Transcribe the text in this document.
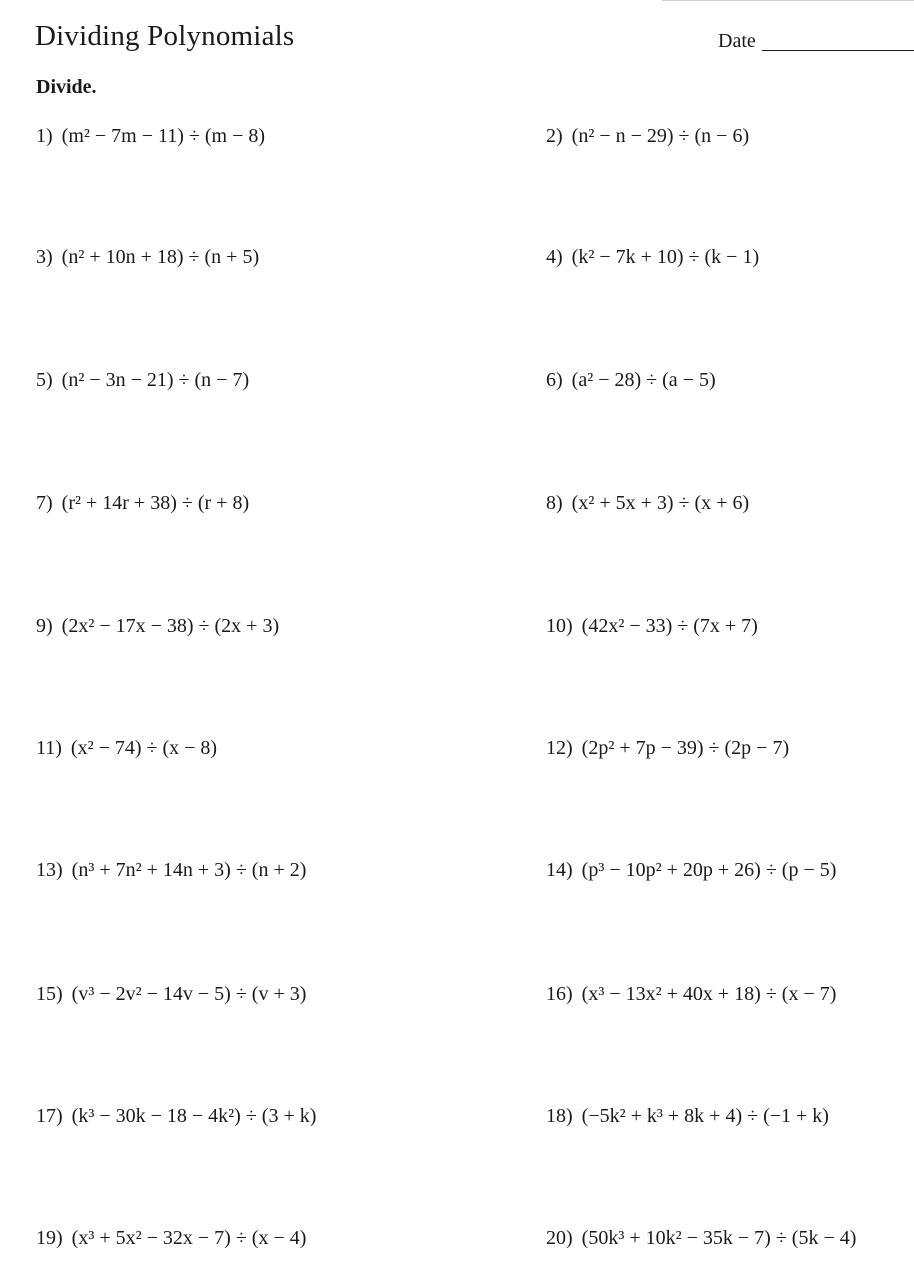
Dividing Polynomials	Date
Divide.
1) (m² − 7m − 11) ÷ (m − 8)	2) (n² − n − 29) ÷ (n − 6)
3) (n² + 10n + 18) ÷ (n + 5)	4) (k² − 7k + 10) ÷ (k − 1)
5) (n² − 3n − 21) ÷ (n − 7)	6) (a² − 28) ÷ (a − 5)
7) (r² + 14r + 38) ÷ (r + 8)	8) (x² + 5x + 3) ÷ (x + 6)
9) (2x² − 17x − 38) ÷ (2x + 3)	10) (42x² − 33) ÷ (7x + 7)
11) (x² − 74) ÷ (x − 8)	12) (2p² + 7p − 39) ÷ (2p − 7)
13) (n³ + 7n² + 14n + 3) ÷ (n + 2)	14) (p³ − 10p² + 20p + 26) ÷ (p − 5)
15) (v³ − 2v² − 14v − 5) ÷ (v + 3)	16) (x³ − 13x² + 40x + 18) ÷ (x − 7)
17) (k³ − 30k − 18 − 4k²) ÷ (3 + k)	18) (−5k² + k³ + 8k + 4) ÷ (−1 + k)
19) (x³ + 5x² − 32x − 7) ÷ (x − 4)	20) (50k³ + 10k² − 35k − 7) ÷ (5k − 4)
